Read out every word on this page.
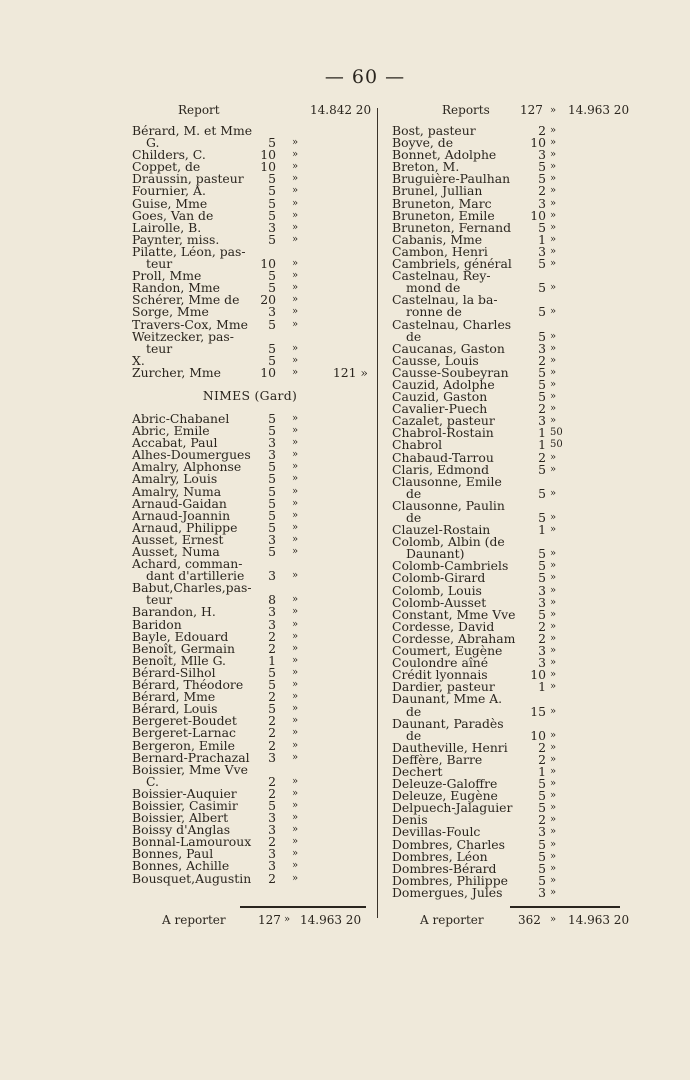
— 60 —
Report	14.842 20
Bérard, M. et Mme
G.	5 »
Childers, C.	10 »
Coppet, de	10 »
Draussin, pasteur	5 »
Fournier, A.	5 »
Guise, Mme	5 »
Goes, Van de	5 »
Lairolle, B.	3 »
Paynter, miss.	5 »
Pilatte, Léon, pas-
teur	10 »
Proll, Mme	5 »
Randon, Mme	5 »
Schérer, Mme de 20 »
Sorge, Mme	3 »
Travers-Cox, Mme	5 »
Weitzecker, pas-
teur	5 »
X.	5 »
Zurcher, Mme	10 »	121 »
NIMES (Gard)
Abric-Chabanel	5 »
Abric, Emile	5 »
Accabat, Paul	3 »
Alhes-Doumergues	3 »
Amalry, Alphonse	5 »
Amalry, Louis	5 »
Amalry, Numa	5 »
Arnaud-Gaidan	5 »
Arnaud-Joannin	5 »
Arnaud, Philippe	5 »
Ausset, Ernest	3 »
Ausset, Numa	5 »
Achard, comman-
dant d'artillerie	3 »
Babut,Charles,pas-
teur	8 »
Barandon, H.	3 »
Baridon	3 »
Bayle, Edouard	2 »
Benoît, Germain	2 »
Benoît, Mlle G.	1 »
Bérard-Silhol	5 »
Bérard, Théodore	5 »
Bérard, Mme	2 »
Bérard, Louis	5 »
Bergeret-Boudet	2 »
Bergeret-Larnac	2 »
Bergeron, Emile	2 »
Bernard-Prachazal	3 »
Boissier, Mme Vve
C.	2 »
Boissier-Auquier	2 »
Boissier, Casimir	5 »
Boissier, Albert	3 »
Boissy d'Anglas	3 »
Bonnal-Lamouroux	2 »
Bonnes, Paul	3 »
Bonnes, Achille	3 »
Bousquet,Augustin	2 »
Reports	127 » 14.963 20
Bost, pasteur	2 »
Boyve, de	10 »
Bonnet, Adolphe	3 »
Breton, M.	5 »
Bruguière-Paulhan	5 »
Brunel, Jullian	2 »
Bruneton, Marc	3 »
Bruneton, Emile	10 »
Bruneton, Fernand	5 »
Cabanis, Mme	1 »
Cambon, Henri	3 »
Cambriels, général	5 »
Castelnau, Rey-
mond de	5 »
Castelnau, la ba-
ronne de	5 »
Castelnau, Charles
de	5 »
Caucanas, Gaston	3 »
Causse, Louis	2 »
Causse-Soubeyran	5 »
Cauzid, Adolphe	5 »
Cauzid, Gaston	5 »
Cavalier-Puech	2 »
Cazalet, pasteur	3 »
Chabrol-Rostain	1 50
Chabrol	1 50
Chabaud-Tarrou	2 »
Claris, Edmond	5 »
Clausonne, Emile
de	5 »
Clausonne, Paulin
de	5 »
Clauzel-Rostain	1 »
Colomb, Albin (de
Daunant)	5 »
Colomb-Cambriels	5 »
Colomb-Girard	5 »
Colomb, Louis	3 »
Colomb-Ausset	3 »
Constant, Mme Vve	5 »
Cordesse, David	2 »
Cordesse, Abraham	2 »
Coumert, Eugène	3 »
Coulondre aîné	3 »
Crédit lyonnais	10 »
Dardier, pasteur	1 »
Daunant, Mme A.
de	15 »
Daunant, Paradès
de	10 »
Dautheville, Henri	2 »
Deffère, Barre	2 »
Dechert	1 »
Deleuze-Galoffre	5 »
Deleuze, Eugène	5 »
Delpuech-Jalaguier	5 »
Denis	2 »
Devillas-Foulc	3 »
Dombres, Charles	5 »
Dombres, Léon	5 »
Dombres-Bérard	5 »
Dombres, Philippe	5 »
Domergues, Jules	3 »
A reporter	127 » 14.963 20	A reporter	362 » 14.963 20
